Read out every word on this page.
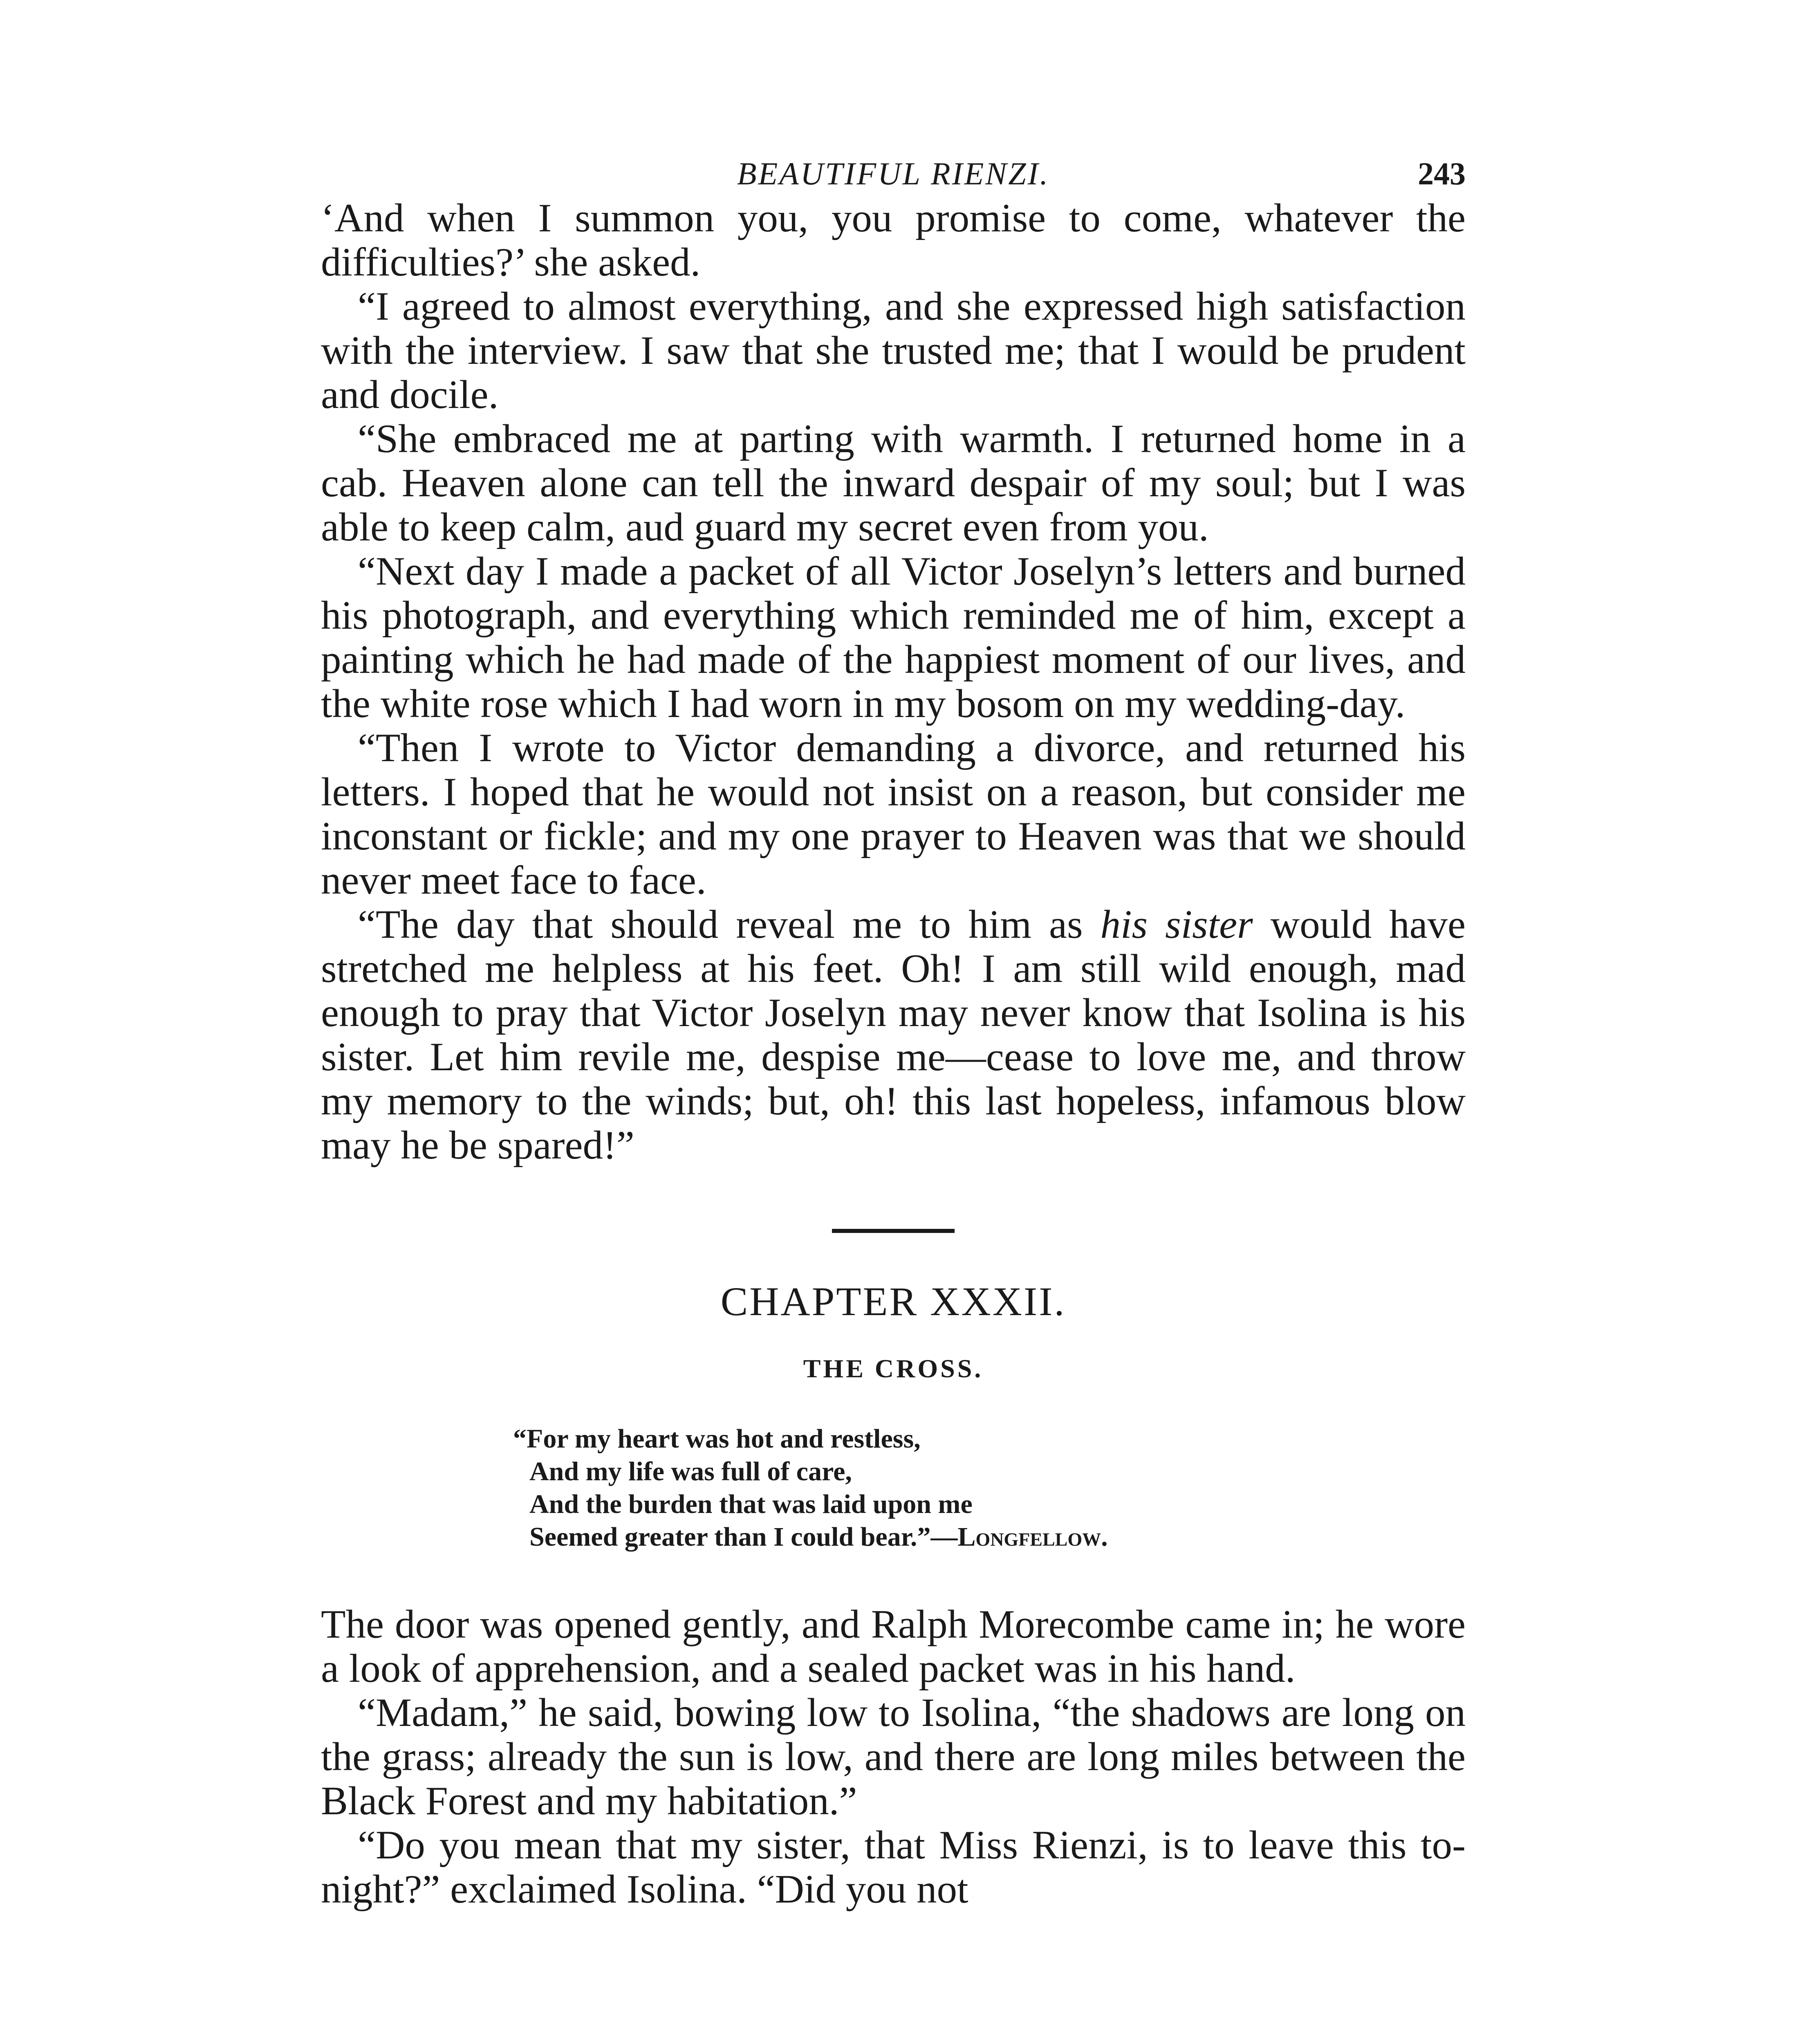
BEAUTIFUL RIENZI.	243

‘And when I summon you, you promise to come, whatever the difficulties?’ she asked.

“I agreed to almost everything, and she expressed high satisfaction with the interview. I saw that she trusted me; that I would be prudent and docile.

“She embraced me at parting with warmth. I returned home in a cab. Heaven alone can tell the inward despair of my soul; but I was able to keep calm, aud guard my secret even from you.

“Next day I made a packet of all Victor Joselyn’s letters and burned his photograph, and everything which reminded me of him, except a painting which he had made of the happiest moment of our lives, and the white rose which I had worn in my bosom on my wedding-day.

“Then I wrote to Victor demanding a divorce, and returned his letters. I hoped that he would not insist on a reason, but consider me inconstant or fickle; and my one prayer to Heaven was that we should never meet face to face.

“The day that should reveal me to him as his sister would have stretched me helpless at his feet. Oh! I am still wild enough, mad enough to pray that Victor Joselyn may never know that Isolina is his sister. Let him revile me, despise me—cease to love me, and throw my memory to the winds; but, oh! this last hopeless, infamous blow may he be spared!”

CHAPTER XXXII.
THE CROSS.
“For my heart was hot and restless,
And my life was full of care,
And the burden that was laid upon me
Seemed greater than I could bear.”—Longfellow.

The door was opened gently, and Ralph Morecombe came in; he wore a look of apprehension, and a sealed packet was in his hand.

“Madam,” he said, bowing low to Isolina, “the shadows are long on the grass; already the sun is low, and there are long miles between the Black Forest and my habitation.”

“Do you mean that my sister, that Miss Rienzi, is to leave this to-night?” exclaimed Isolina. “Did you not
